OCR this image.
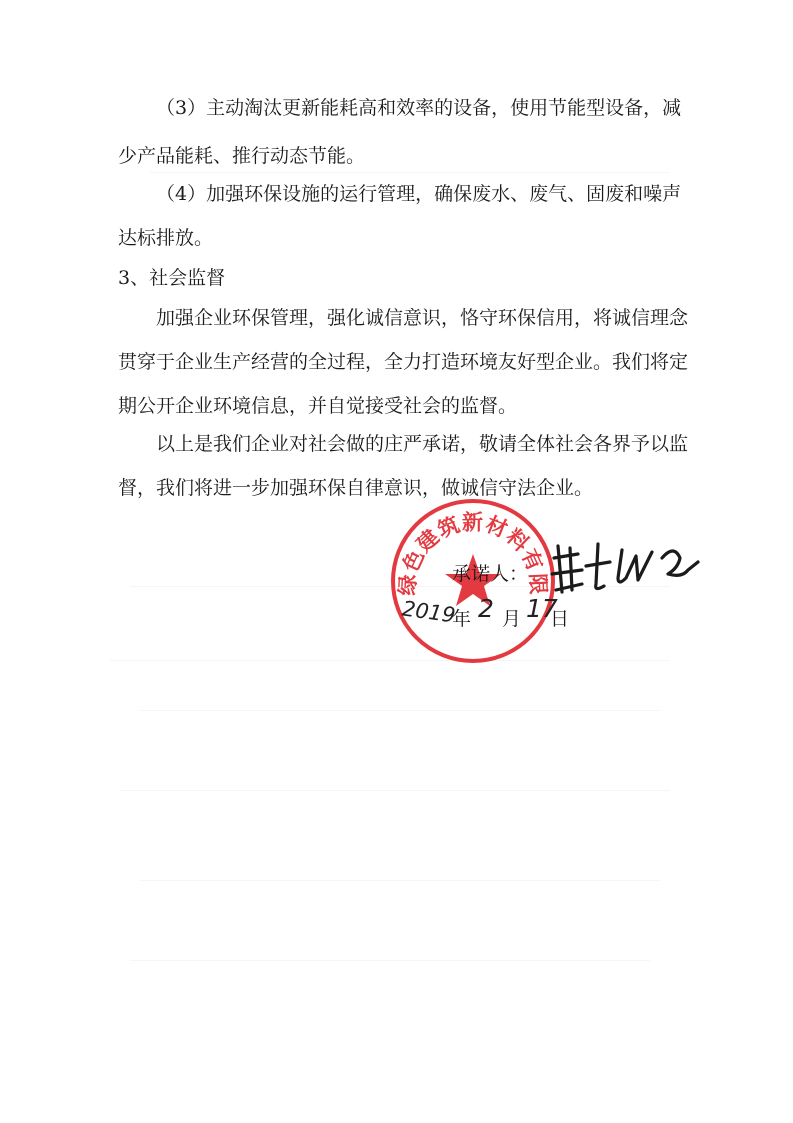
（3）主动淘汰更新能耗高和效率的设备，使用节能型设备，减
少产品能耗、推行动态节能。

（4）加强环保设施的运行管理，确保废水、废气、固废和噪声
达标排放。

3、社会监督

加强企业环保管理，强化诚信意识，恪守环保信用，将诚信理念
贯穿于企业生产经营的全过程，全力打造环境友好型企业。我们将定
期公开企业环境信息，并自觉接受社会的监督。

以上是我们企业对社会做的庄严承诺，敬请全体社会各界予以监
督，我们将进一步加强环保自律意识，做诚信守法企业。

绿色建筑新材料有限
承诺人：
2019
年 2 月 17
日
